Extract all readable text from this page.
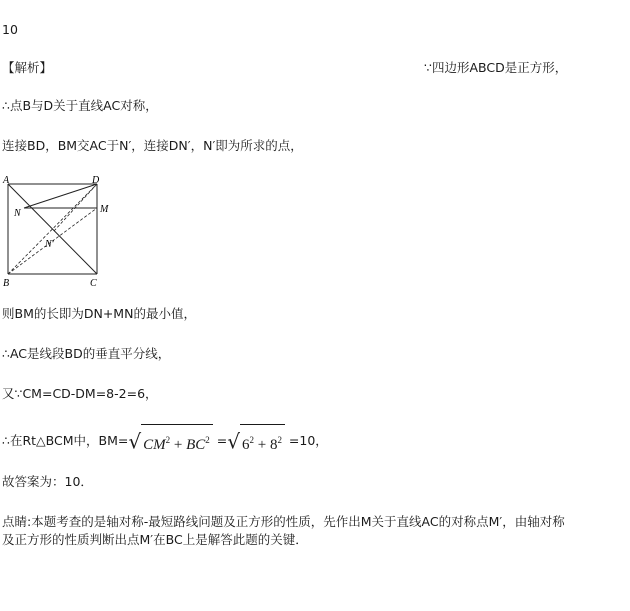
10
【解析】	∵四边形ABCD是正方形，
∴点B与D关于直线AC对称，
连接BD，BM交AC于N′，连接DN′，N′即为所求的点，
A
B	C
D
M
N
N′
则BM的长即为DN+MN的最小值，
∴AC是线段BD的垂直平分线，
又∵CM=CD-DM=8-2=6，
∴在Rt△BCM中，BM=√ $CM^2 + BC^2$ =√ $6^2 + 8^2 =10$，
故答案为：10．
点睛:本题考查的是轴对称-最短路线问题及正方形的性质，先作出M关于直线AC的对称点M′，由轴对称
及正方形的性质判断出点M′在BC上是解答此题的关键．
